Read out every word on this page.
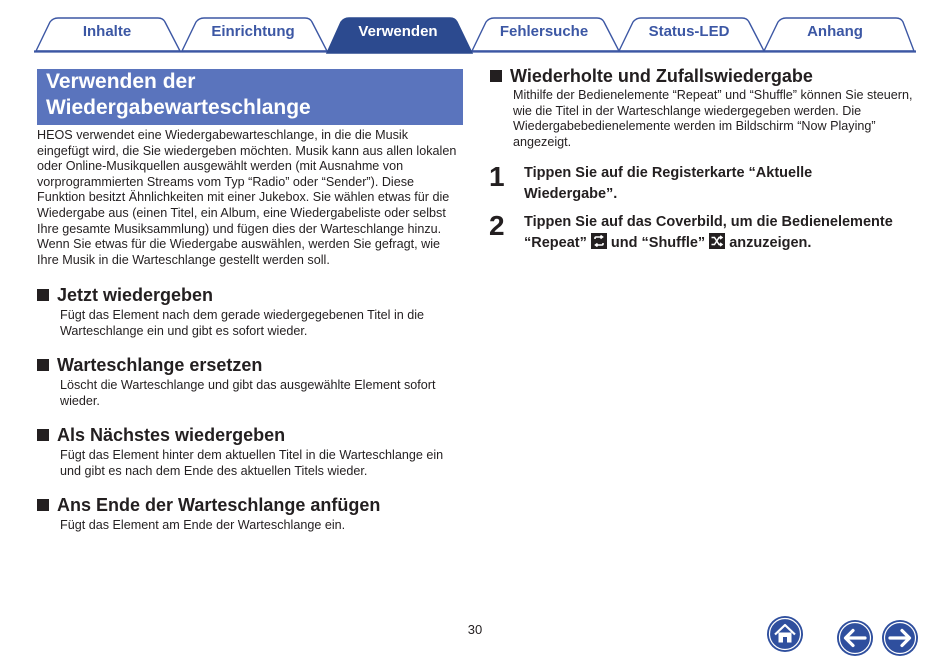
Inhalte	Einrichtung	Verwenden	Fehlersuche	Status-LED	Anhang
Verwenden der
Wiedergabewarteschlange

HEOS verwendet eine Wiedergabewarteschlange, in die die Musik eingefügt wird, die Sie wiedergeben möchten. Musik kann aus allen lokalen oder Online-Musikquellen ausgewählt werden (mit Ausnahme von vorprogrammierten Streams vom Typ “Radio” oder “Sender”). Diese Funktion besitzt Ähnlichkeiten mit einer Jukebox. Sie wählen etwas für die Wiedergabe aus (einen Titel, ein Album, eine Wiedergabeliste oder selbst Ihre gesamte Musiksammlung) und fügen dies der Warteschlange hinzu. Wenn Sie etwas für die Wiedergabe auswählen, werden Sie gefragt, wie Ihre Musik in die Warteschlange gestellt werden soll.

Jetzt wiedergeben

Fügt das Element nach dem gerade wiedergegebenen Titel in die Warteschlange ein und gibt es sofort wieder.

Warteschlange ersetzen

Löscht die Warteschlange und gibt das ausgewählte Element sofort wieder.

Als Nächstes wiedergeben

Fügt das Element hinter dem aktuellen Titel in die Warteschlange ein und gibt es nach dem Ende des aktuellen Titels wieder.

Ans Ende der Warteschlange anfügen

Fügt das Element am Ende der Warteschlange ein.

Wiederholte und Zufallswiedergabe

Mithilfe der Bedienelemente “Repeat” und “Shuffle” können Sie steuern, wie die Titel in der Warteschlange wiedergegeben werden. Die Wiedergabebedienelemente werden im Bildschirm “Now Playing” angezeigt.

1 Tippen Sie auf die Registerkarte “Aktuelle Wiedergabe”.

2 Tippen Sie auf das Coverbild, um die Bedienelemente “Repeat” und “Shuffle” anzuzeigen.

30
